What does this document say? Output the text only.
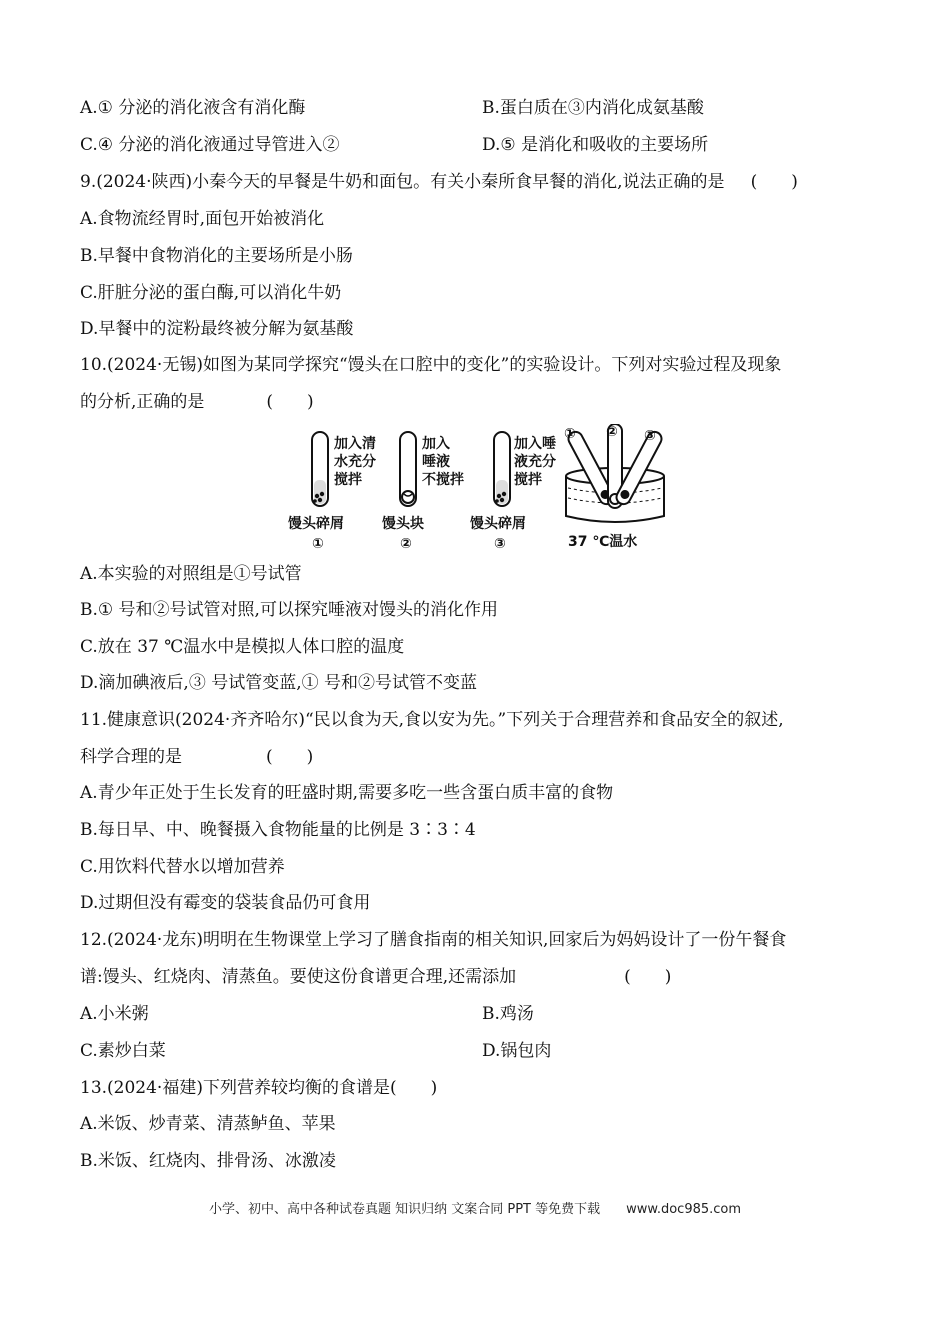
A.① 分泌的消化液含有消化酶	B.蛋白质在③内消化成氨基酸
C.④ 分泌的消化液通过导管进入②	D.⑤ 是消化和吸收的主要场所
9.(2024·陕西)小秦今天的早餐是牛奶和面包。有关小秦所食早餐的消化,说法正确的是 (　　)
A.食物流经胃时,面包开始被消化
B.早餐中食物消化的主要场所是小肠
C.肝脏分泌的蛋白酶,可以消化牛奶
D.早餐中的淀粉最终被分解为氨基酸
10.(2024·无锡)如图为某同学探究“馒头在口腔中的变化”的实验设计。下列对实验过程及现象
的分析,正确的是	(　　)
加入清
水充分
搅拌
馒头碎屑
①
加入
唾液
不搅拌
馒头块
②
加入唾
液充分
搅拌
馒头碎屑
③
① ② ③
37 ℃温水
A.本实验的对照组是①号试管
B.① 号和②号试管对照,可以探究唾液对馒头的消化作用
C.放在 37 ℃温水中是模拟人体口腔的温度
D.滴加碘液后,③ 号试管变蓝,① 号和②号试管不变蓝
11.健康意识(2024·齐齐哈尔)“民以食为天,食以安为先。”下列关于合理营养和食品安全的叙述,
科学合理的是	(　　)
A.青少年正处于生长发育的旺盛时期,需要多吃一些含蛋白质丰富的食物
B.每日早、中、晚餐摄入食物能量的比例是 3∶3∶4
C.用饮料代替水以增加营养
D.过期但没有霉变的袋装食品仍可食用
12.(2024·龙东)明明在生物课堂上学习了膳食指南的相关知识,回家后为妈妈设计了一份午餐食
谱:馒头、红烧肉、清蒸鱼。要使这份食谱更合理,还需添加	(　　)
A.小米粥	B.鸡汤
C.素炒白菜	D.锅包肉
13.(2024·福建)下列营养较均衡的食谱是(　　)
A.米饭、炒青菜、清蒸鲈鱼、苹果
B.米饭、红烧肉、排骨汤、冰激凌
小学、初中、高中各种试卷真题 知识归纳 文案合同 PPT 等免费下载 www.doc985.com
